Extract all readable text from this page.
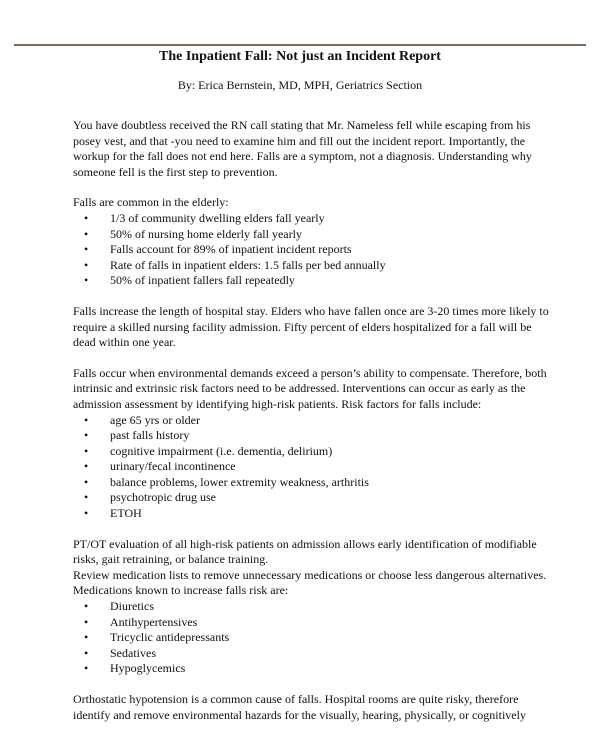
The Inpatient Fall: Not just an Incident Report
By: Erica Bernstein, MD, MPH, Geriatrics Section

You have doubtless received the RN call stating that Mr. Nameless fell while escaping from his posey vest, and that -you need to examine him and fill out the incident report. Importantly, the workup for the fall does not end here. Falls are a symptom, not a diagnosis. Understanding why someone fell is the first step to prevention.

Falls are common in the elderly:

• 1/3 of community dwelling elders fall yearly
• 50% of nursing home elderly fall yearly
• Falls account for 89% of inpatient incident reports
• Rate of falls in inpatient elders: 1.5 falls per bed annually
• 50% of inpatient fallers fall repeatedly

Falls increase the length of hospital stay. Elders who have fallen once are 3-20 times more likely to require a skilled nursing facility admission. Fifty percent of elders hospitalized for a fall will be dead within one year.

Falls occur when environmental demands exceed a person’s ability to compensate. Therefore, both intrinsic and extrinsic risk factors need to be addressed. Interventions can occur as early as the admission assessment by identifying high-risk patients. Risk factors for falls include:

• age 65 yrs or older
• past falls history
• cognitive impairment (i.e. dementia, delirium)
• urinary/fecal incontinence
• balance problems, lower extremity weakness, arthritis
• psychotropic drug use
• ETOH

PT/OT evaluation of all high-risk patients on admission allows early identification of modifiable risks, gait retraining, or balance training.

Review medication lists to remove unnecessary medications or choose less dangerous alternatives. Medications known to increase falls risk are:

• Diuretics
• Antihypertensives
• Tricyclic antidepressants
• Sedatives
• Hypoglycemics

Orthostatic hypotension is a common cause of falls. Hospital rooms are quite risky, therefore identify and remove environmental hazards for the visually, hearing, physically, or cognitively
